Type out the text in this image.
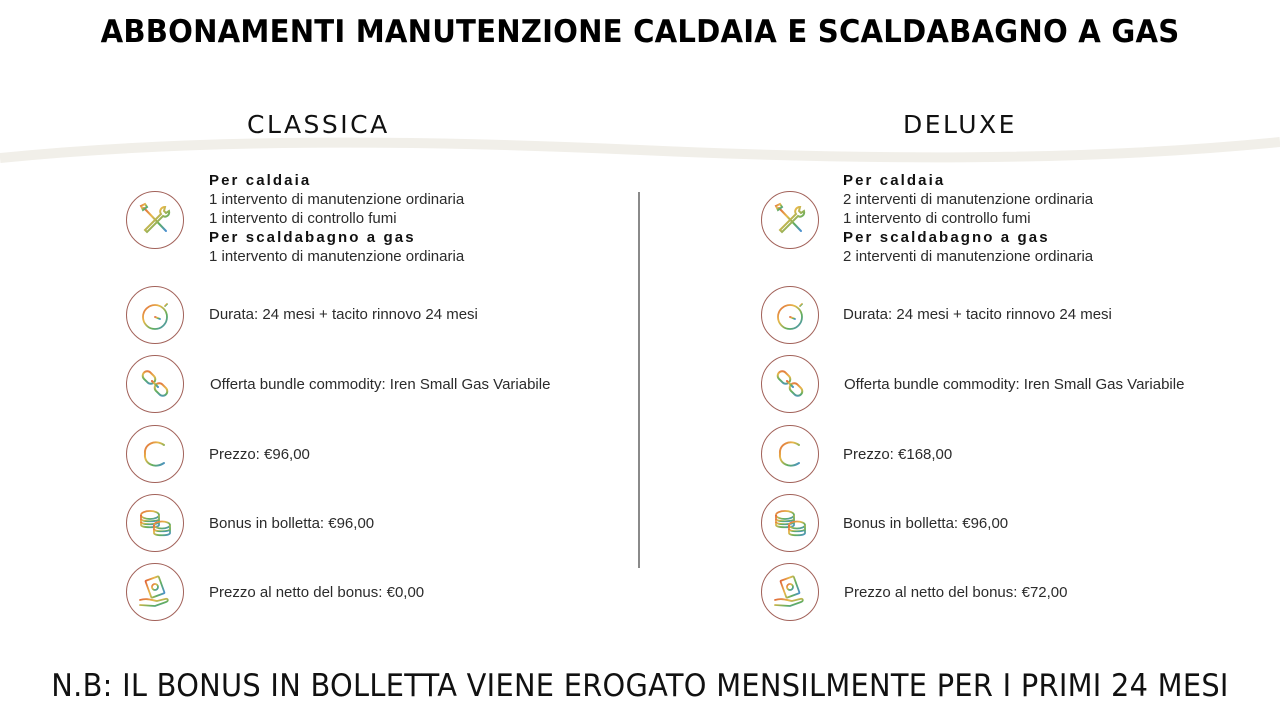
ABBONAMENTI MANUTENZIONE CALDAIA E SCALDABAGNO A GAS
CLASSICA	DELUXE
Per caldaia
1 intervento di manutenzione ordinaria
1 intervento di controllo fumi
Per scaldabagno a gas
1 intervento di manutenzione ordinaria
Durata: 24 mesi + tacito rinnovo 24 mesi
Offerta bundle commodity: Iren Small Gas Variabile
Prezzo: €96,00
Bonus in bolletta: €96,00
Prezzo al netto del bonus: €0,00
Per caldaia
2 interventi di manutenzione ordinaria
1 intervento di controllo fumi
Per scaldabagno a gas
2 interventi di manutenzione ordinaria
Durata: 24 mesi + tacito rinnovo 24 mesi
Offerta bundle commodity: Iren Small Gas Variabile
Prezzo: €168,00
Bonus in bolletta: €96,00
Prezzo al netto del bonus: €72,00
N.B: IL BONUS IN BOLLETTA VIENE EROGATO MENSILMENTE PER I PRIMI 24 MESI
